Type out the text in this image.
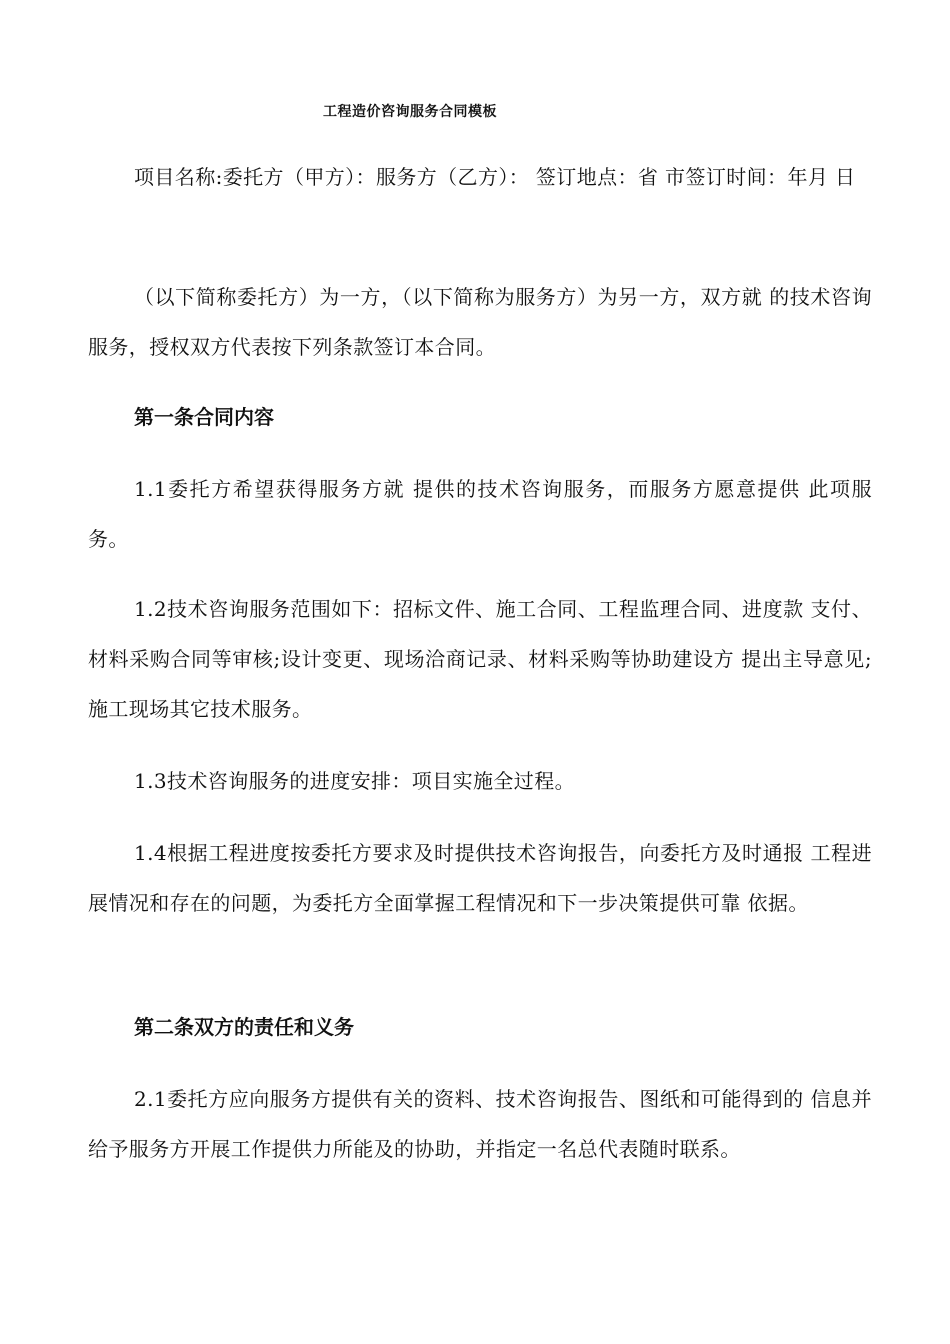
工程造价咨询服务合同模板

项目名称:委托方（甲方）：服务方（乙方）： 签订地点：省 市签订时间：年月 日

（以下简称委托方）为一方，（以下简称为服务方）为另一方，双方就 的技术咨询服务，授权双方代表按下列条款签订本合同。

第一条合同内容

1.1委托方希望获得服务方就 提供的技术咨询服务，而服务方愿意提供 此项服务。

1.2技术咨询服务范围如下：招标文件、施工合同、工程监理合同、进度款 支付、材料采购合同等审核;设计变更、现场洽商记录、材料采购等协助建设方 提出主导意见;施工现场其它技术服务。

1.3技术咨询服务的进度安排：项目实施全过程。

1.4根据工程进度按委托方要求及时提供技术咨询报告，向委托方及时通报 工程进展情况和存在的问题，为委托方全面掌握工程情况和下一步决策提供可靠 依据。

第二条双方的责任和义务

2.1委托方应向服务方提供有关的资料、技术咨询报告、图纸和可能得到的 信息并给予服务方开展工作提供力所能及的协助，并指定一名总代表随时联系。
